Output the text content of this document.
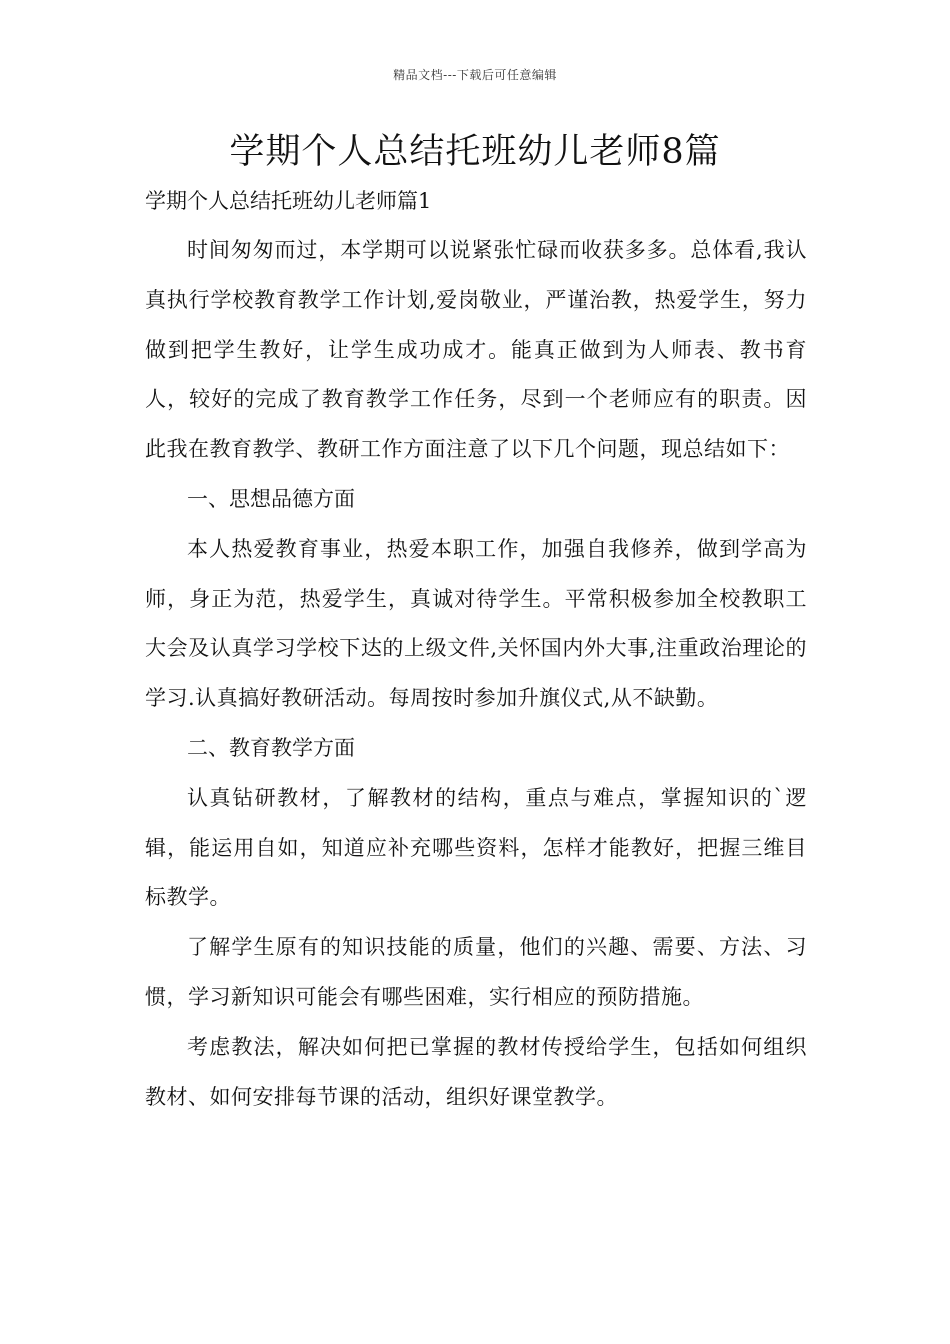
精品文档---下载后可任意编辑
学期个人总结托班幼儿老师8篇

学期个人总结托班幼儿老师篇1

时间匆匆而过，本学期可以说紧张忙碌而收获多多。总体看,我认真执行学校教育教学工作计划,爱岗敬业，严谨治教，热爱学生，努力做到把学生教好，让学生成功成才。能真正做到为人师表、教书育人，较好的完成了教育教学工作任务，尽到一个老师应有的职责。因此我在教育教学、教研工作方面注意了以下几个问题，现总结如下：

一、思想品德方面

本人热爱教育事业，热爱本职工作，加强自我修养，做到学高为师，身正为范，热爱学生，真诚对待学生。平常积极参加全校教职工大会及认真学习学校下达的上级文件,关怀国内外大事,注重政治理论的学习.认真搞好教研活动。每周按时参加升旗仪式,从不缺勤。

二、教育教学方面

认真钻研教材，了解教材的结构，重点与难点，掌握知识的`逻辑，能运用自如，知道应补充哪些资料，怎样才能教好，把握三维目标教学。

了解学生原有的知识技能的质量，他们的兴趣、需要、方法、习惯，学习新知识可能会有哪些困难，实行相应的预防措施。

考虑教法，解决如何把已掌握的教材传授给学生，包括如何组织教材、如何安排每节课的活动，组织好课堂教学。
